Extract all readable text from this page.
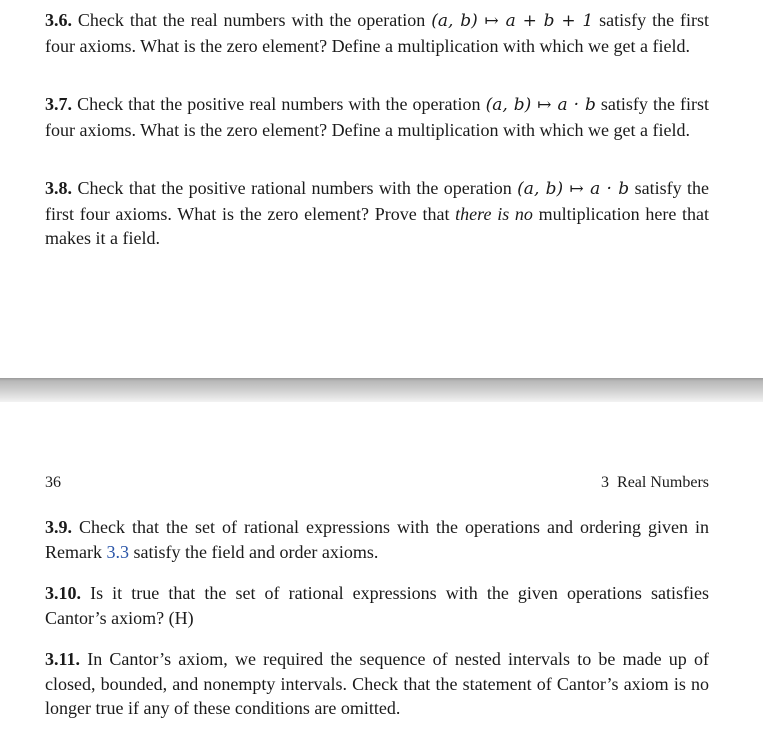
3.6. Check that the real numbers with the operation (a, b) ↦ a + b + 1 satisfy the first four axioms. What is the zero element? Define a multiplication with which we get a field.

3.7. Check that the positive real numbers with the operation (a, b) ↦ a · b satisfy the first four axioms. What is the zero element? Define a multiplication with which we get a field.

3.8. Check that the positive rational numbers with the operation (a, b) ↦ a · b satisfy the first four axioms. What is the zero element? Prove that there is no multiplication here that makes it a field.

36	3 Real Numbers

3.9. Check that the set of rational expressions with the operations and ordering given in Remark 3.3 satisfy the field and order axioms.

3.10. Is it true that the set of rational expressions with the given operations satisfies Cantor’s axiom? (H)

3.11. In Cantor’s axiom, we required the sequence of nested intervals to be made up of closed, bounded, and nonempty intervals. Check that the statement of Cantor’s axiom is no longer true if any of these conditions are omitted.
